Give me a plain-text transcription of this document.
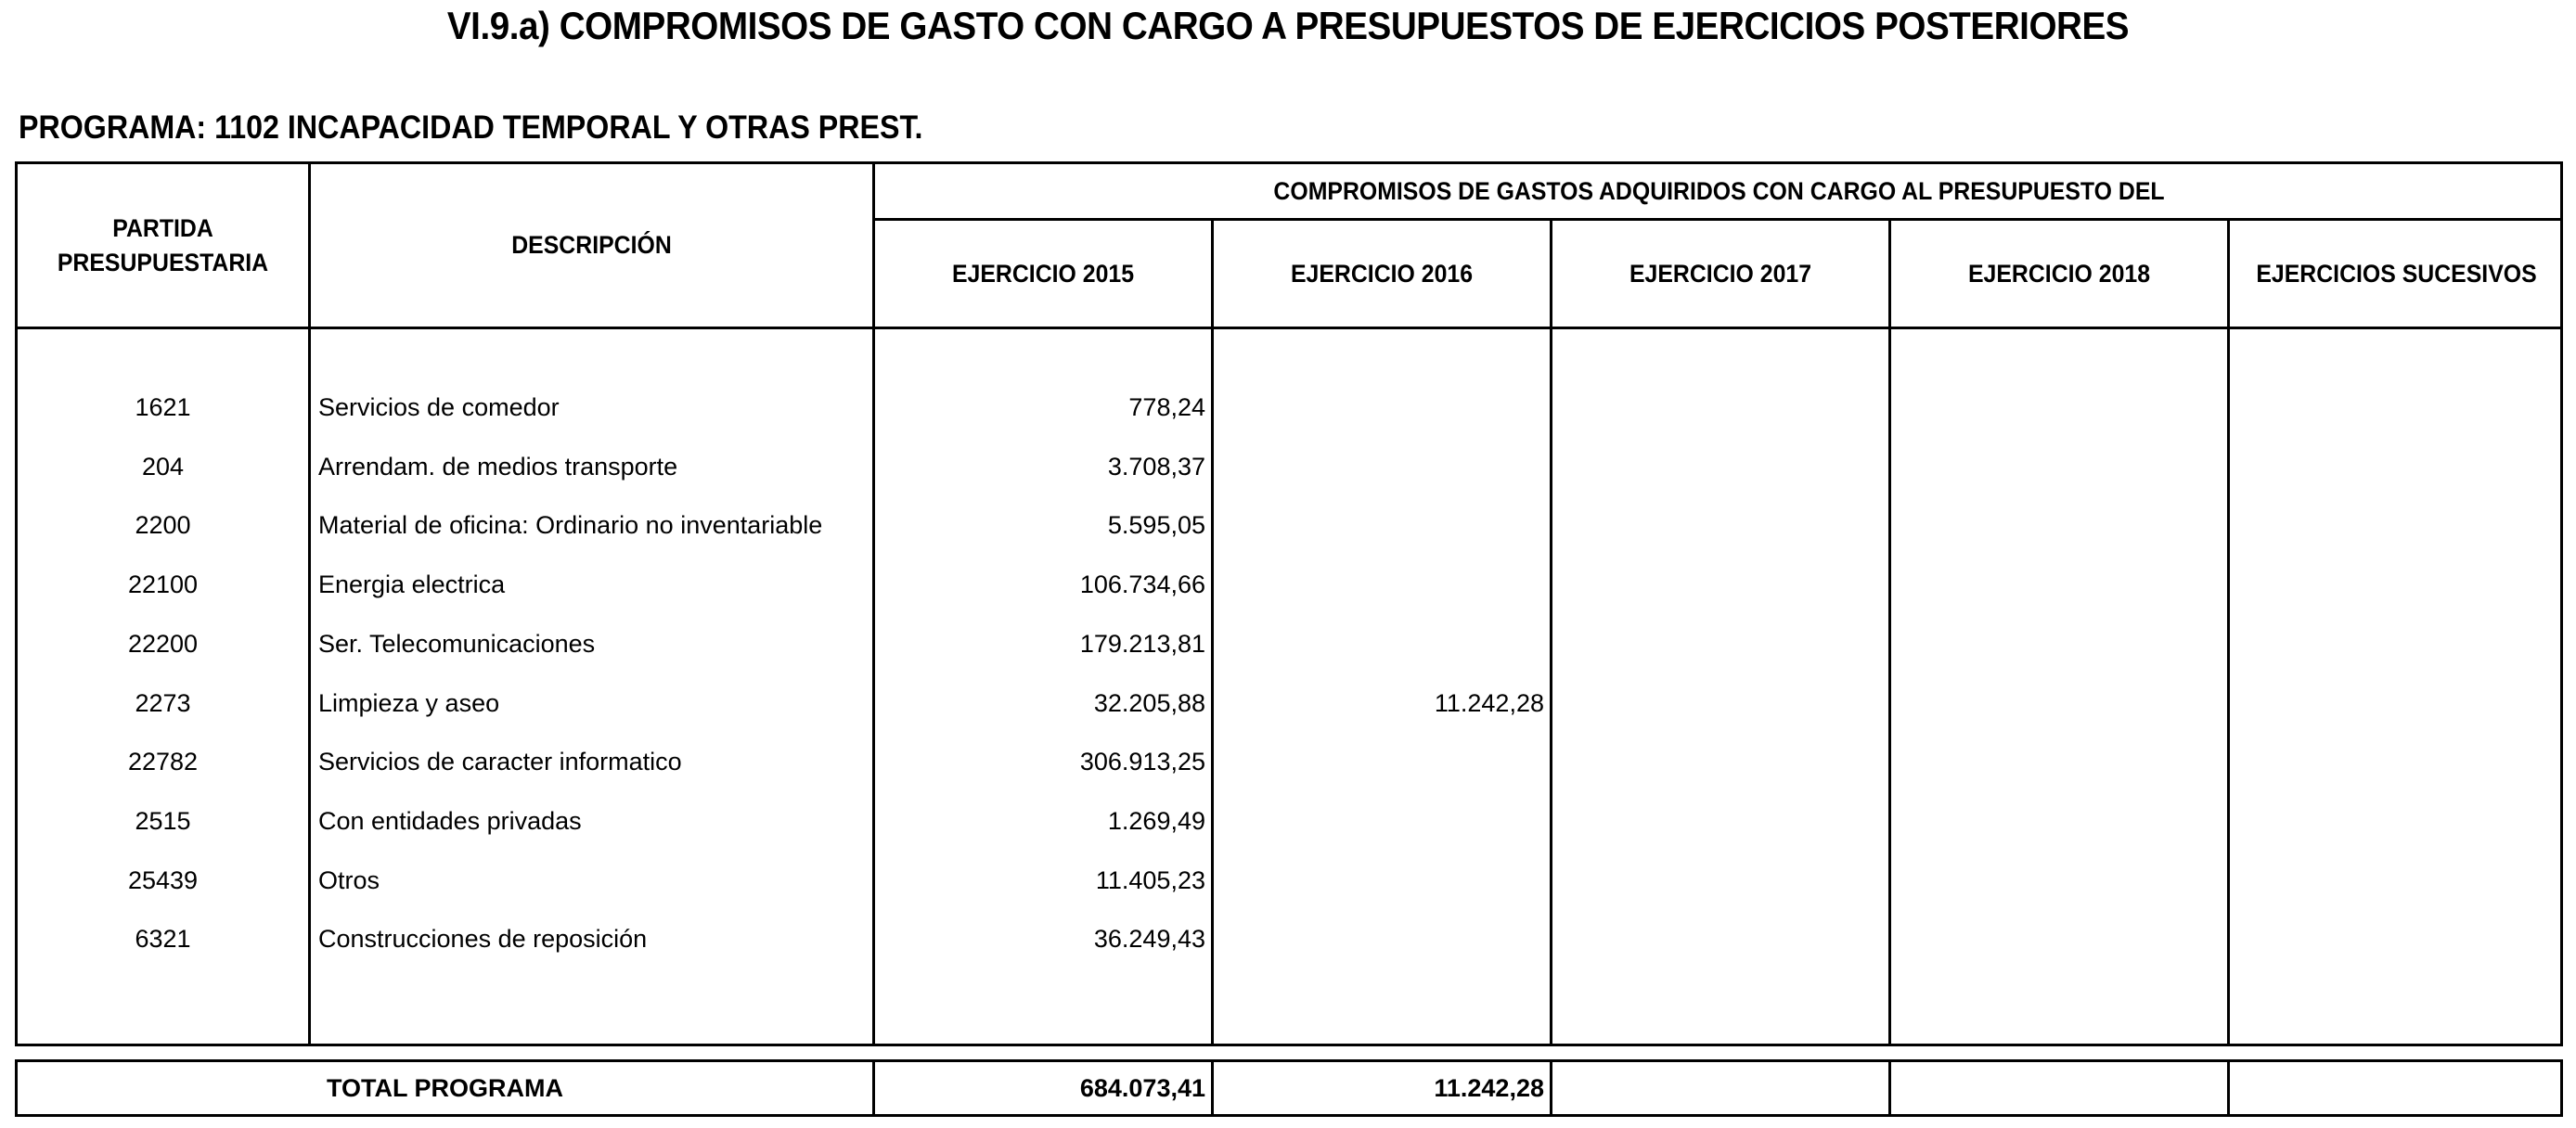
VI.9.a) COMPROMISOS DE GASTO CON CARGO A PRESUPUESTOS DE EJERCICIOS POSTERIORES
PROGRAMA: 1102 INCAPACIDAD TEMPORAL Y OTRAS PREST.
PARTIDA PRESUPUESTARIA
DESCRIPCIÓN
COMPROMISOS DE GASTOS ADQUIRIDOS CON CARGO AL PRESUPUESTO DEL
EJERCICIO 2015	EJERCICIO 2016	EJERCICIO 2017	EJERCICIO 2018	EJERCICIOS SUCESIVOS
1621	Servicios de comedor	778,24
204	Arrendam. de medios transporte	3.708,37
2200	Material de oficina: Ordinario no inventariable	5.595,05
22100	Energia electrica	106.734,66
22200	Ser. Telecomunicaciones	179.213,81
2273	Limpieza y aseo	32.205,88	11.242,28
22782	Servicios de caracter informatico	306.913,25
2515	Con entidades privadas	1.269,49
25439	Otros	11.405,23
6321	Construcciones de reposición	36.249,43
TOTAL PROGRAMA	684.073,41	11.242,28
